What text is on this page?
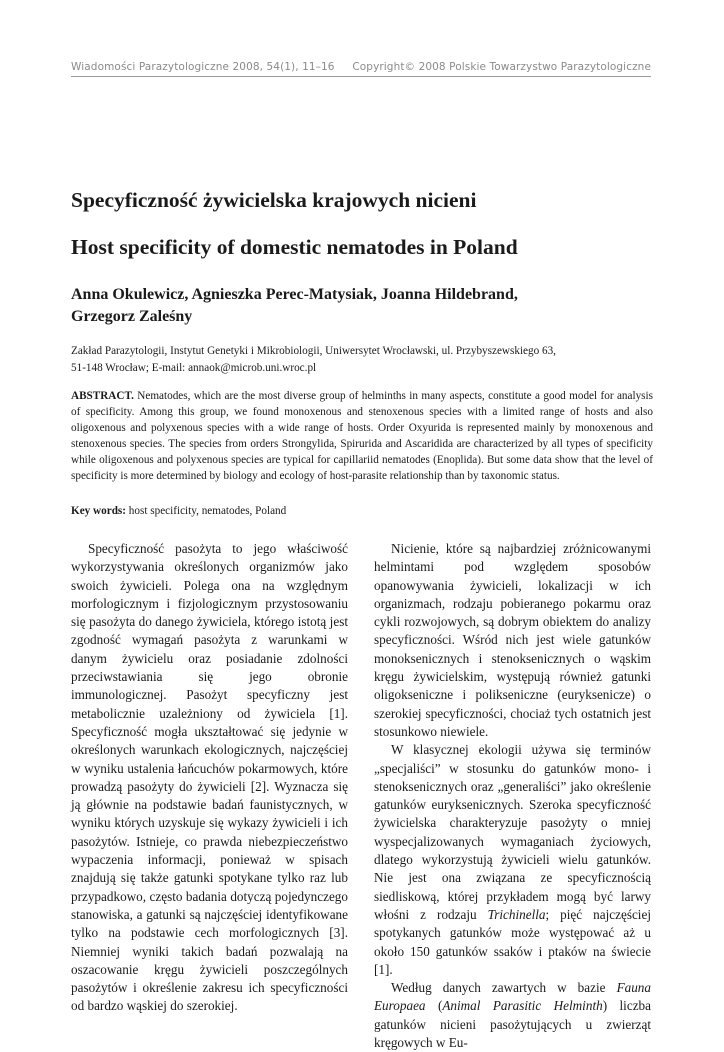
Wiadomości Parazytologiczne 2008, 54(1), 11–16 Copyright© 2008 Polskie Towarzystwo Parazytologiczne
Specyficzność żywicielska krajowych nicieni
Host specificity of domestic nematodes in Poland
Anna Okulewicz, Agnieszka Perec-Matysiak, Joanna Hildebrand,
Grzegorz Zaleśny
Zakład Parazytologii, Instytut Genetyki i Mikrobiologii, Uniwersytet Wrocławski, ul. Przybyszewskiego 63,
51-148 Wrocław; E-mail: annaok@microb.uni.wroc.pl
ABSTRACT. Nematodes, which are the most diverse group of helminths in many aspects, constitute a good model for analysis of specificity. Among this group, we found monoxenous and stenoxenous species with a limited range of hosts and also oligoxenous and polyxenous species with a wide range of hosts. Order Oxyurida is represented mainly by monoxenous and stenoxenous species. The species from orders Strongylida, Spirurida and Ascaridida are characterized by all types of specificity while oligoxenous and polyxenous species are typical for capillariid nematodes (Enoplida). But some data show that the level of specificity is more determined by biology and ecology of host-parasite relationship than by taxonomic status.
Key words: host specificity, nematodes, Poland

Specyficzność pasożyta to jego właściwość wykorzystywania określonych organizmów jako swoich żywicieli. Polega ona na względnym morfologicznym i fizjologicznym przystosowaniu się pasożyta do danego żywiciela, którego istotą jest zgodność wymagań pasożyta z warunkami w danym żywicielu oraz posiadanie zdolności przeciwstawiania się jego obronie immunologicznej. Pasożyt specyficzny jest metabolicznie uzależniony od żywiciela [1]. Specyficzność mogła ukształtować się jedynie w określonych warunkach ekologicznych, najczęściej w wyniku ustalenia łańcuchów pokarmowych, które prowadzą pasożyty do żywicieli [2]. Wyznacza się ją głównie na podstawie badań faunistycznych, w wyniku których uzyskuje się wykazy żywicieli i ich pasożytów. Istnieje, co prawda niebezpieczeństwo wypaczenia informacji, ponieważ w spisach znajdują się także gatunki spotykane tylko raz lub przypadkowo, często badania dotyczą pojedynczego stanowiska, a gatunki są najczęściej identyfikowane tylko na podstawie cech morfologicznych [3]. Niemniej wyniki takich badań pozwalają na oszacowanie kręgu żywicieli poszczególnych pasożytów i określenie zakresu ich specyficzności od bardzo wąskiej do szerokiej.

Nicienie, które są najbardziej zróżnicowanymi helmintami pod względem sposobów opanowywania żywicieli, lokalizacji w ich organizmach, rodzaju pobieranego pokarmu oraz cykli rozwojowych, są dobrym obiektem do analizy specyficzności. Wśród nich jest wiele gatunków monoksenicznych i stenoksenicznych o wąskim kręgu żywicielskim, występują również gatunki oligokseniczne i polikseniczne (euryksenicze) o szerokiej specyficzności, chociaż tych ostatnich jest stosunkowo niewiele.

W klasycznej ekologii używa się terminów „specjaliści” w stosunku do gatunków mono- i stenoksenicznych oraz „generaliści” jako określenie gatunków euryksenicznych. Szeroka specyficzność żywicielska charakteryzuje pasożyty o mniej wyspecjalizowanych wymaganiach życiowych, dlatego wykorzystują żywicieli wielu gatunków. Nie jest ona związana ze specyficznością siedliskową, której przykładem mogą być larwy włośni z rodzaju Trichinella; pięć najczęściej spotykanych gatunków może występować aż u około 150 gatunków ssaków i ptaków na świecie [1].

Według danych zawartych w bazie Fauna Europaea (Animal Parasitic Helminth) liczba gatunków nicieni pasożytujących u zwierząt kręgowych w Eu-
